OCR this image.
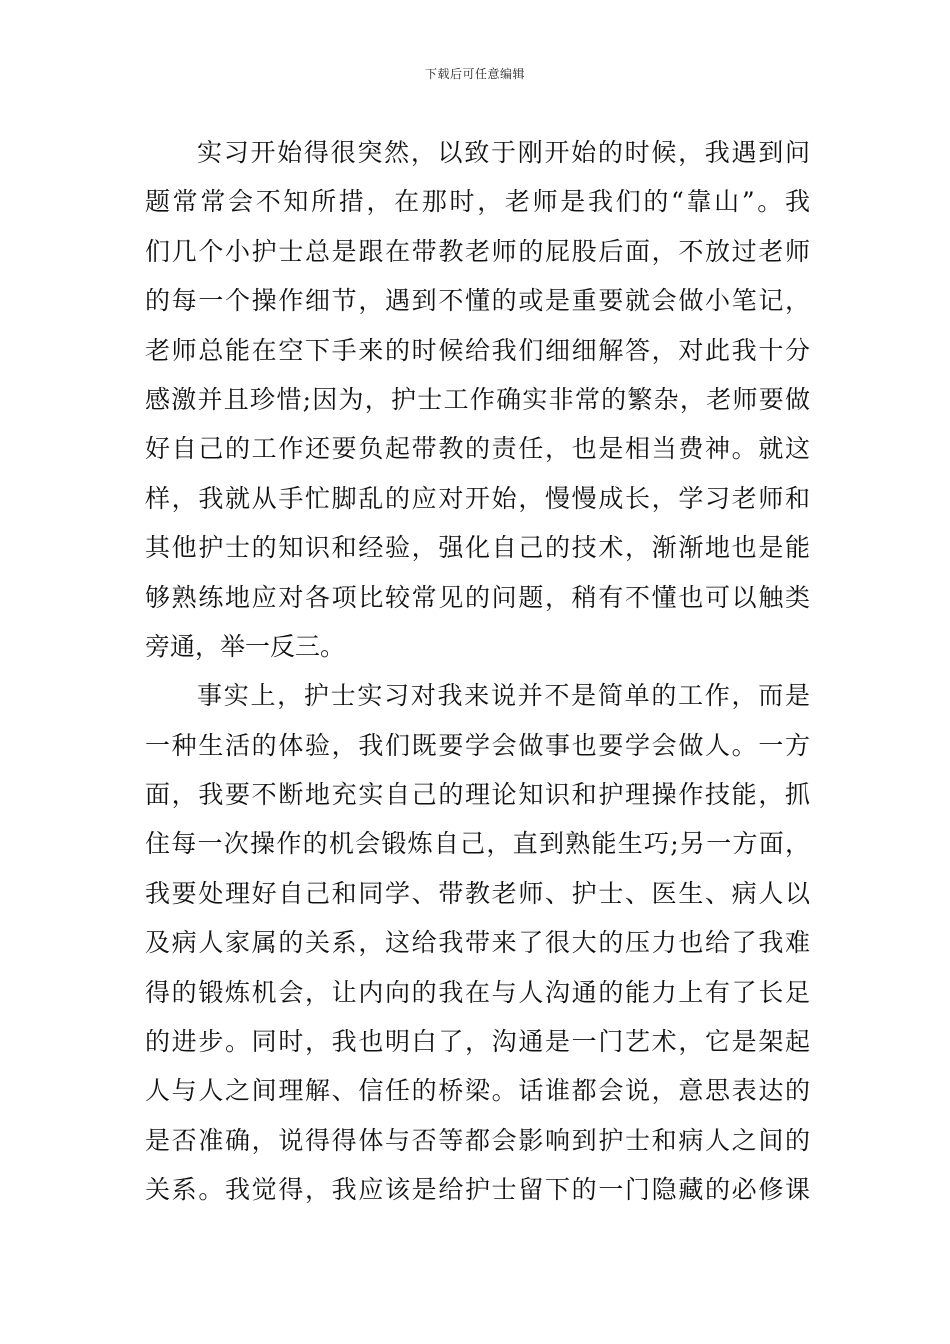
下载后可任意编辑
实习开始得很突然，以致于刚开始的时候，我遇到问
题常常会不知所措，在那时，老师是我们的“靠山”。我
们几个小护士总是跟在带教老师的屁股后面，不放过老师
的每一个操作细节，遇到不懂的或是重要就会做小笔记，
老师总能在空下手来的时候给我们细细解答，对此我十分
感激并且珍惜;因为，护士工作确实非常的繁杂，老师要做
好自己的工作还要负起带教的责任，也是相当费神。就这
样，我就从手忙脚乱的应对开始，慢慢成长，学习老师和
其他护士的知识和经验，强化自己的技术，渐渐地也是能
够熟练地应对各项比较常见的问题，稍有不懂也可以触类
旁通，举一反三。
事实上，护士实习对我来说并不是简单的工作，而是
一种生活的体验，我们既要学会做事也要学会做人。一方
面，我要不断地充实自己的理论知识和护理操作技能，抓
住每一次操作的机会锻炼自己，直到熟能生巧;另一方面，
我要处理好自己和同学、带教老师、护士、医生、病人以
及病人家属的关系，这给我带来了很大的压力也给了我难
得的锻炼机会，让内向的我在与人沟通的能力上有了长足
的进步。同时，我也明白了，沟通是一门艺术，它是架起
人与人之间理解、信任的桥梁。话谁都会说，意思表达的
是否准确，说得得体与否等都会影响到护士和病人之间的
关系。我觉得，我应该是给护士留下的一门隐藏的必修课
